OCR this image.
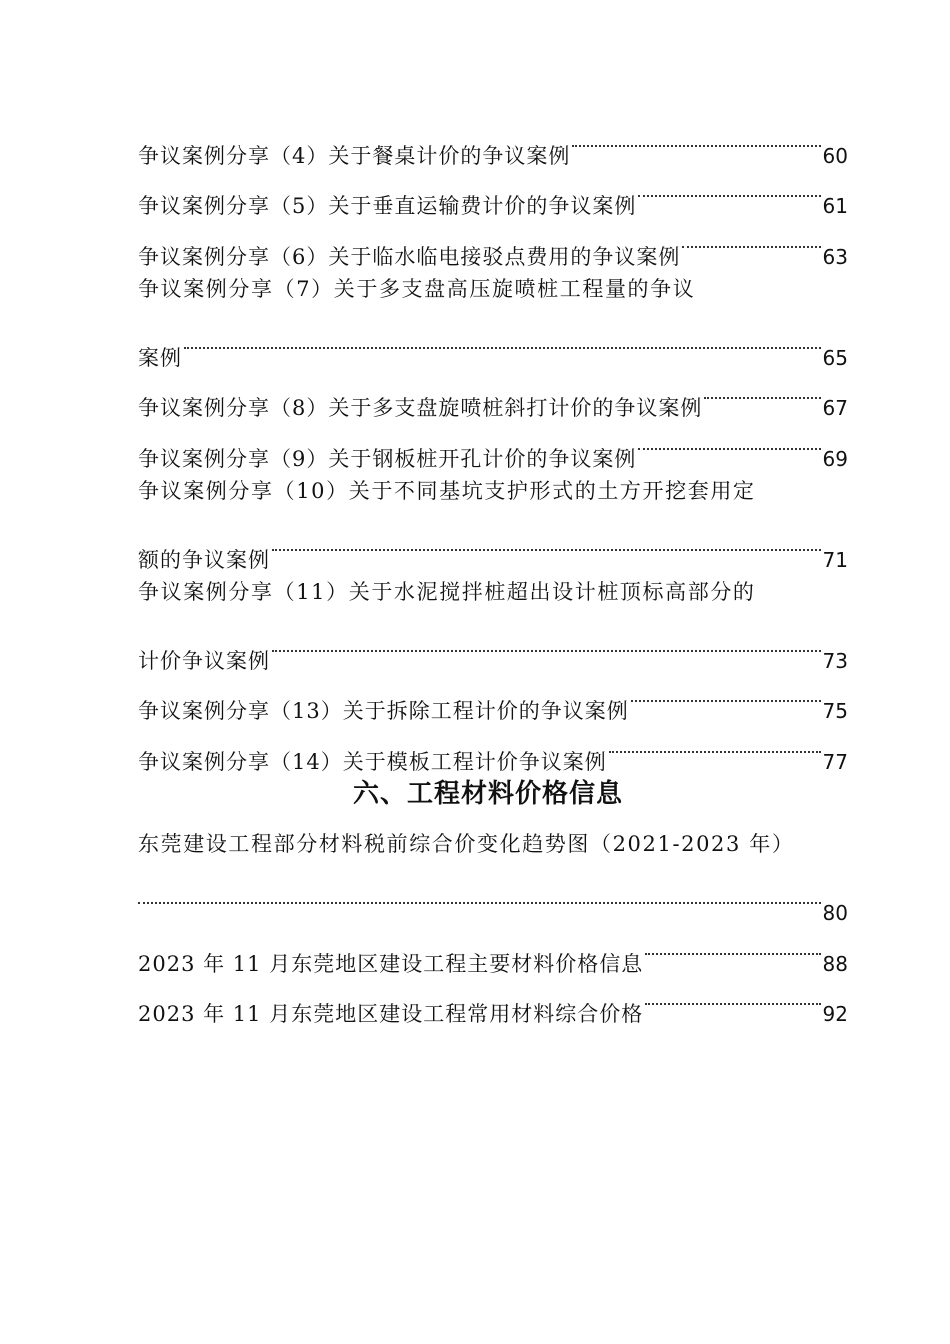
争议案例分享（4）关于餐桌计价的争议案例	60
争议案例分享（5）关于垂直运输费计价的争议案例	61
争议案例分享（6）关于临水临电接驳点费用的争议案例	63
争议案例分享（7）关于多支盘高压旋喷桩工程量的争议
案例	65
争议案例分享（8）关于多支盘旋喷桩斜打计价的争议案例	67
争议案例分享（9）关于钢板桩开孔计价的争议案例	69
争议案例分享（10）关于不同基坑支护形式的土方开挖套用定
额的争议案例	71
争议案例分享（11）关于水泥搅拌桩超出设计桩顶标高部分的
计价争议案例	73
争议案例分享（13）关于拆除工程计价的争议案例	75
争议案例分享（14）关于模板工程计价争议案例	77
六、工程材料价格信息
东莞建设工程部分材料税前综合价变化趋势图（2021-2023 年）
80
2023 年 11 月东莞地区建设工程主要材料价格信息	88
2023 年 11 月东莞地区建设工程常用材料综合价格	92
